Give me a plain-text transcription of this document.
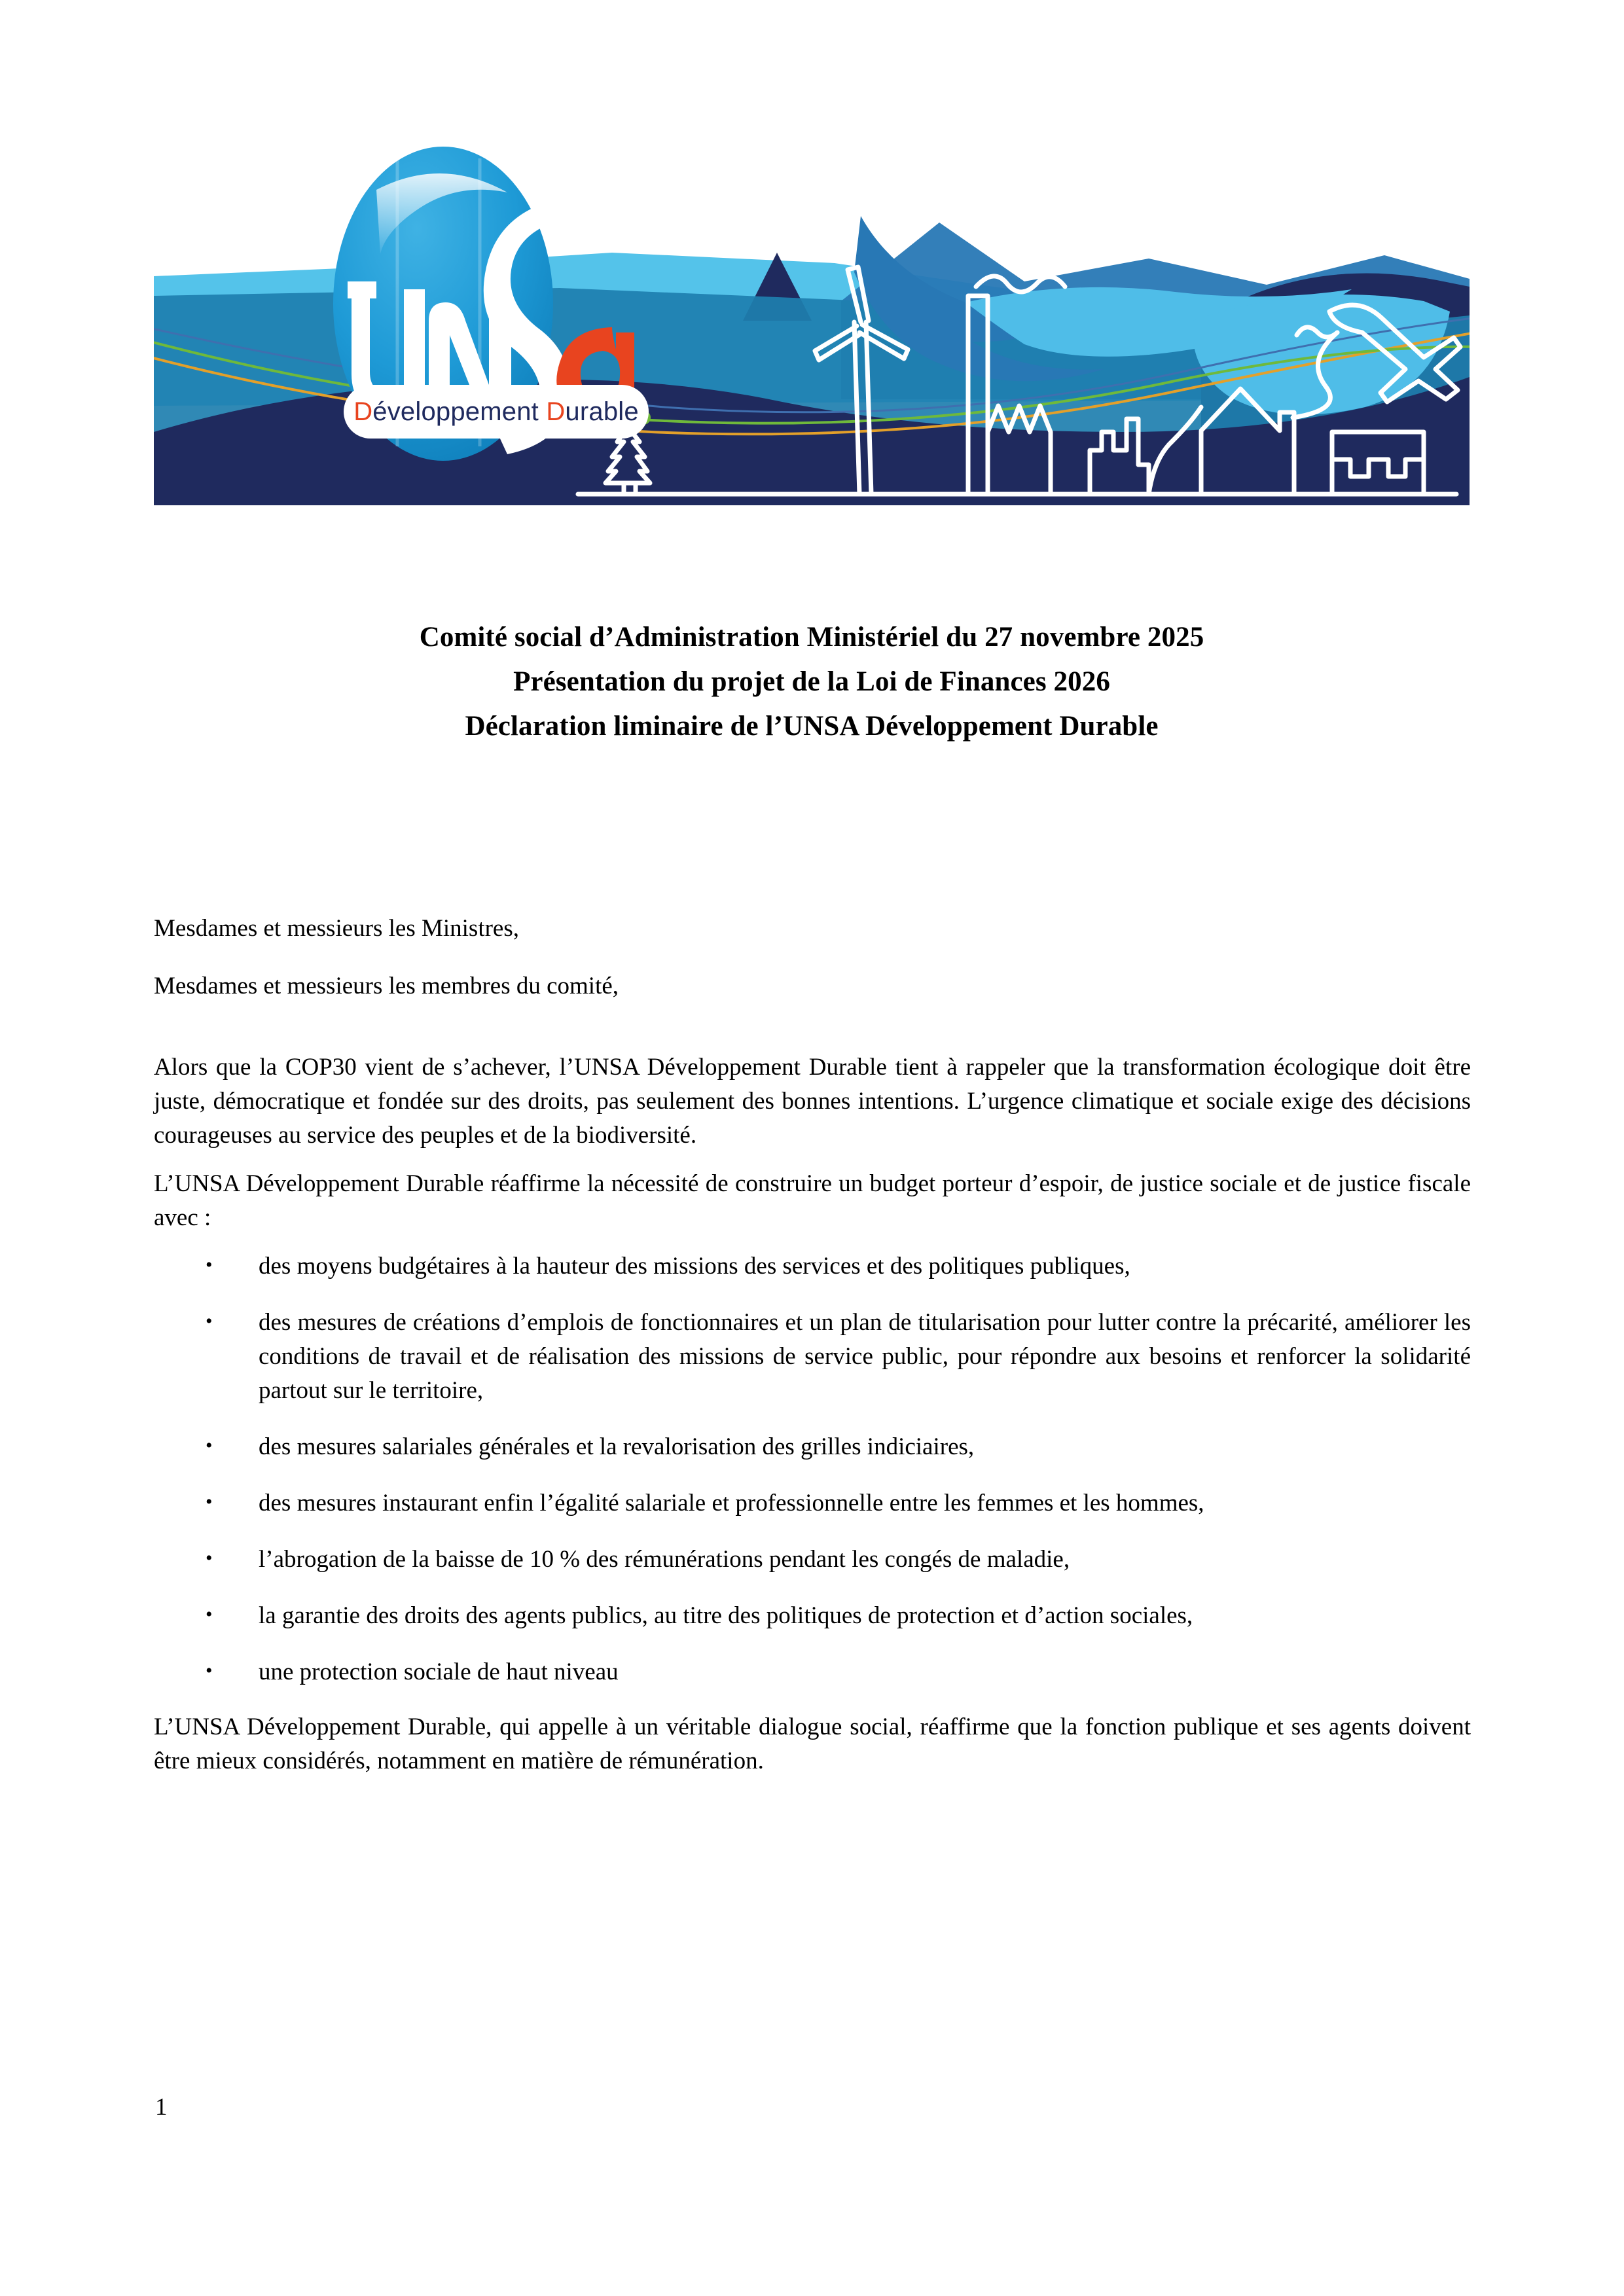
D éveloppement
D urable
Comité social d’Administration Ministériel du 27 novembre 2025
Présentation du projet de la Loi de Finances 2026
Déclaration liminaire de l’UNSA Développement Durable

Mesdames et messieurs les Ministres,

Mesdames et messieurs les membres du comité,

Alors que la COP30 vient de s’achever, l’UNSA Développement Durable tient à rappeler que la transformation écologique doit être juste, démocratique et fondée sur des droits, pas seulement des bonnes intentions. L’urgence climatique et sociale exige des décisions courageuses au service des peuples et de la biodiversité.

L’UNSA Développement Durable réaffirme la nécessité de construire un budget porteur d’espoir, de justice sociale et de justice fiscale avec :

• des moyens budgétaires à la hauteur des missions des services et des politiques publiques,
• des mesures de créations d’emplois de fonctionnaires et un plan de titularisation pour lutter contre la précarité, améliorer les conditions de travail et de réalisation des missions de service public, pour répondre aux besoins et renforcer la solidarité partout sur le territoire,
• des mesures salariales générales et la revalorisation des grilles indiciaires,
• des mesures instaurant enfin l’égalité salariale et professionnelle entre les femmes et les hommes,
• l’abrogation de la baisse de 10 % des rémunérations pendant les congés de maladie,
• la garantie des droits des agents publics, au titre des politiques de protection et d’action sociales,
• une protection sociale de haut niveau

L’UNSA Développement Durable, qui appelle à un véritable dialogue social, réaffirme que la fonction publique et ses agents doivent être mieux considérés, notamment en matière de rémunération.

1
